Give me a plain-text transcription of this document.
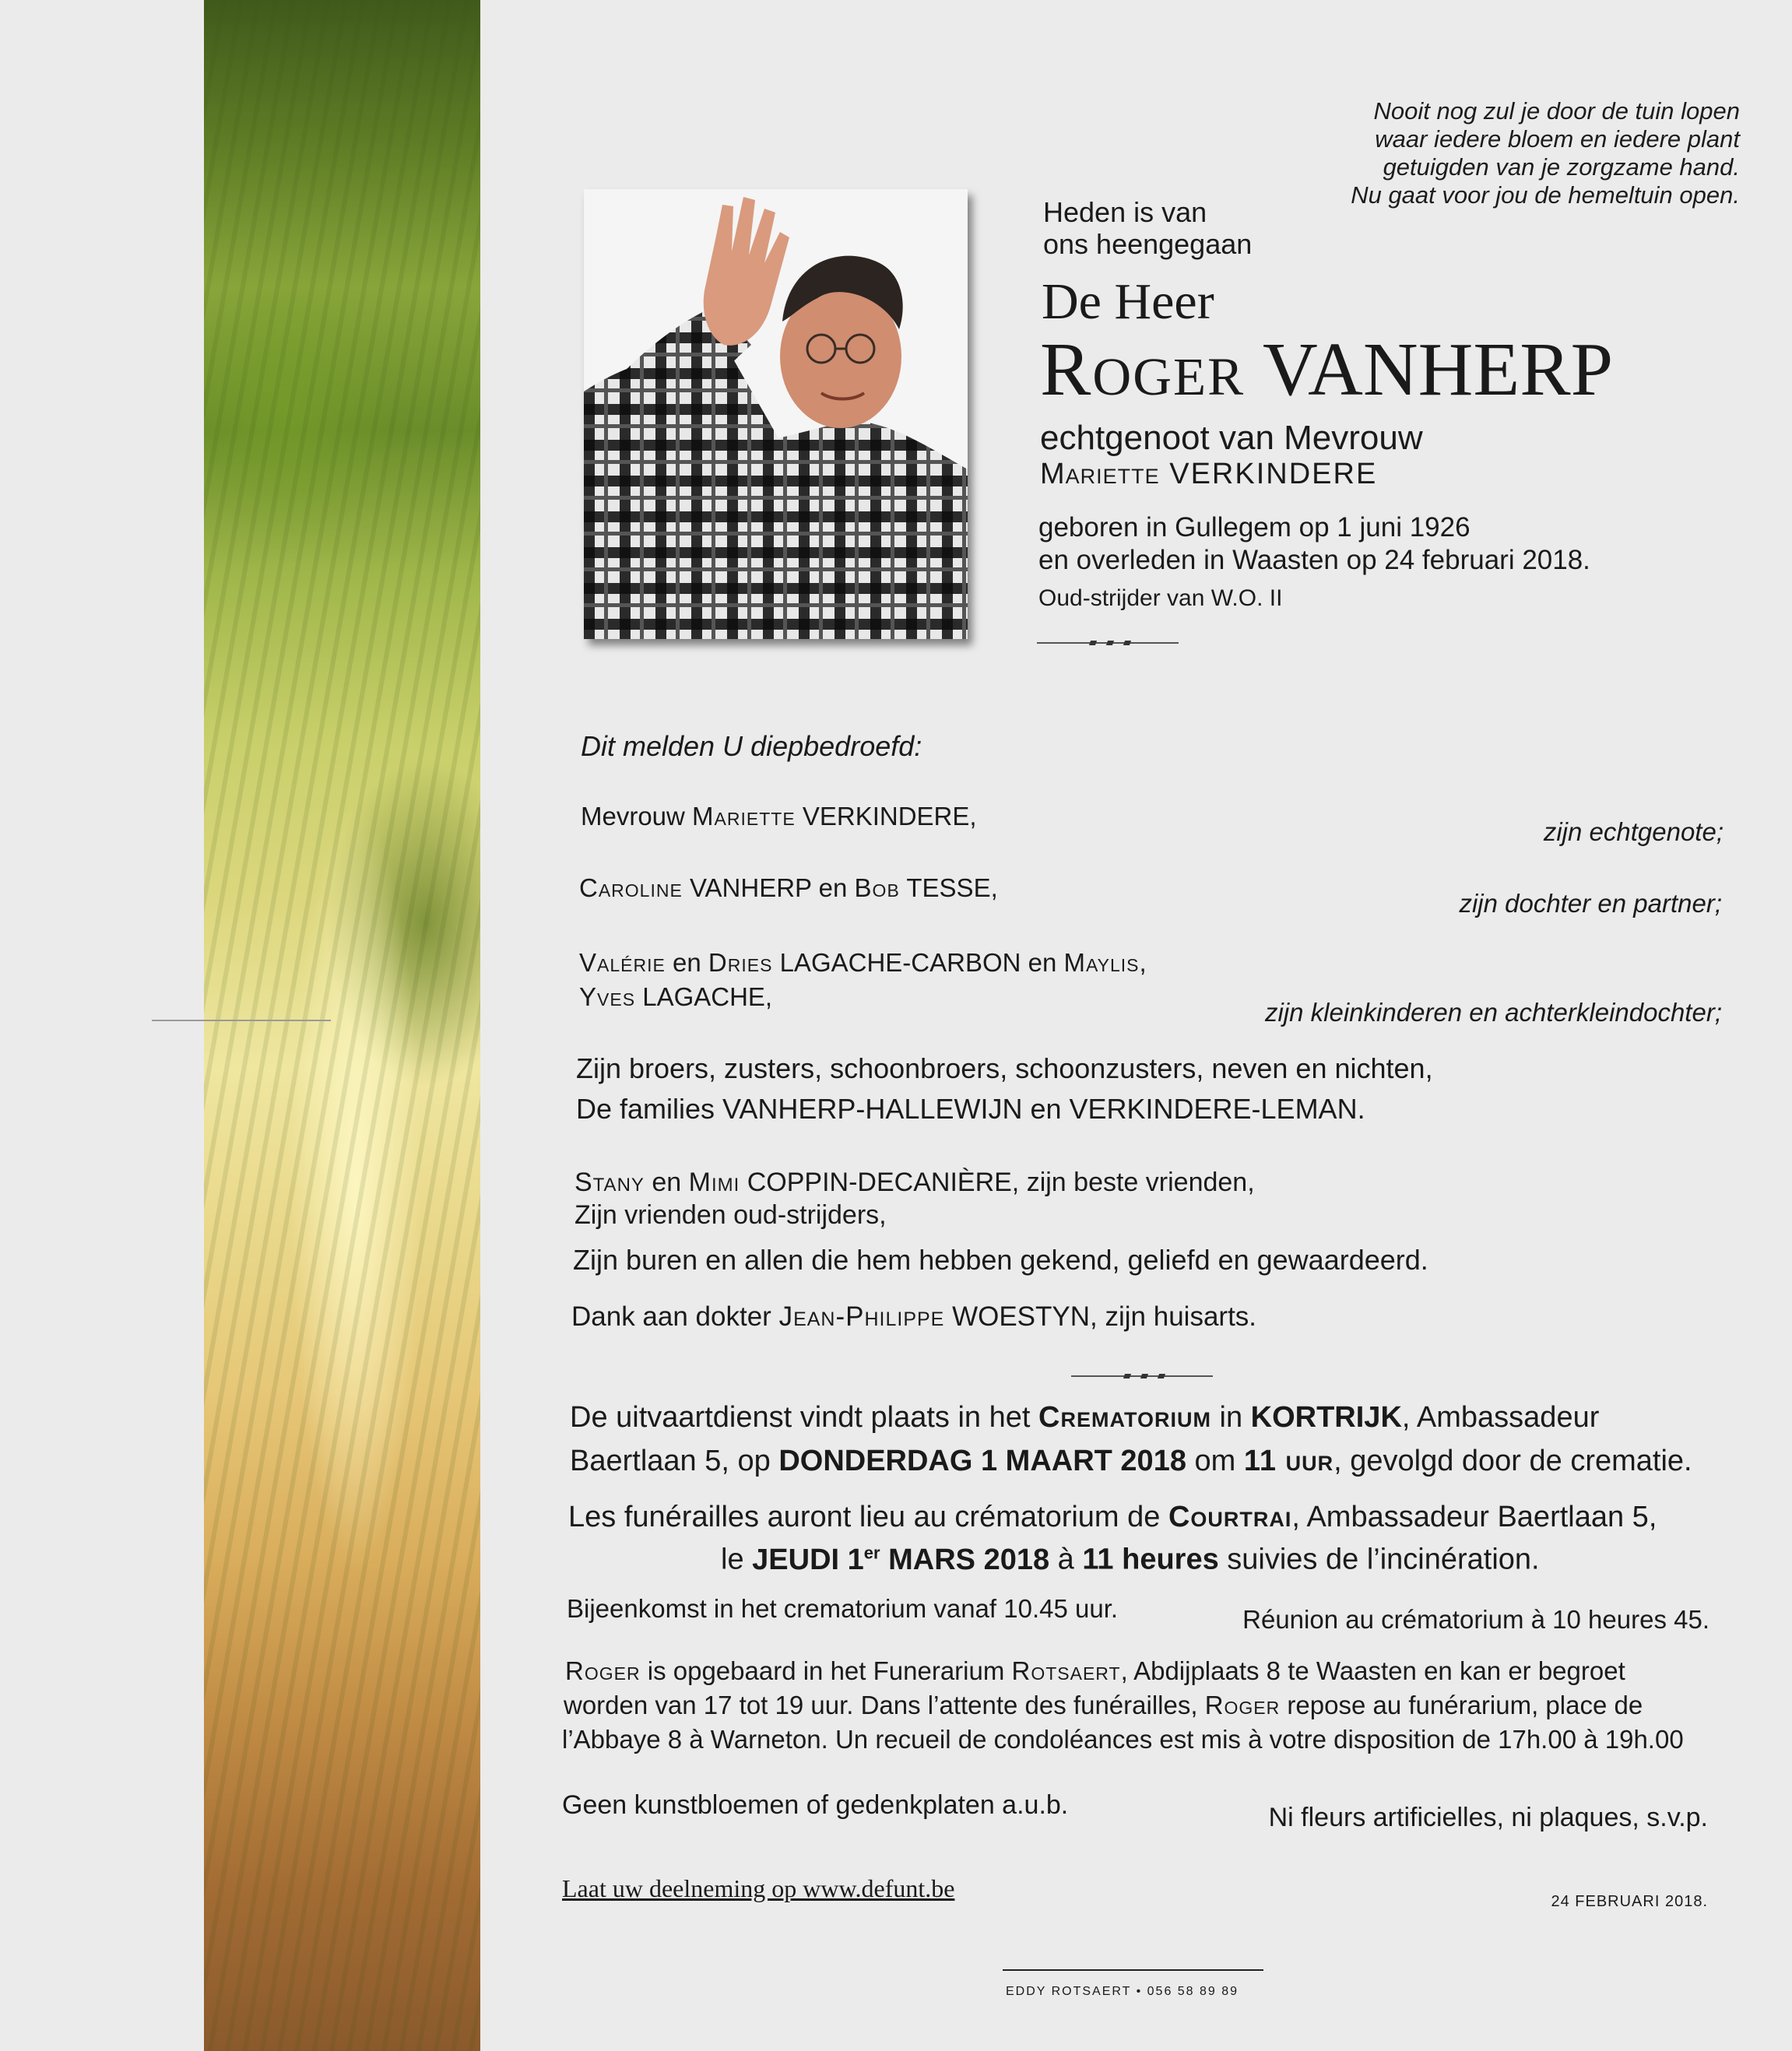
Nooit nog zul je door de tuin lopen
waar iedere bloem en iedere plant
getuigden van je zorgzame hand.
Nu gaat voor jou de hemeltuin open.
Heden is van
ons heengegaan
De Heer
Roger VANHERP
echtgenoot van Mevrouw
Mariette VERKINDERE
geboren in Gullegem op 1 juni 1926
en overleden in Waasten op 24 februari 2018.
Oud-strijder van W.O. II
Dit melden U diepbedroefd:
Mevrouw Mariette VERKINDERE,
zijn echtgenote;
Caroline VANHERP en Bob TESSE,
zijn dochter en partner;
Valérie en Dries LAGACHE-CARBON en Maylis,
Yves LAGACHE,
zijn kleinkinderen en achterkleindochter;
Zijn broers, zusters, schoonbroers, schoonzusters, neven en nichten,
De families VANHERP-HALLEWIJN en VERKINDERE-LEMAN.
Stany en Mimi COPPIN-DECANIÈRE, zijn beste vrienden,
Zijn vrienden oud-strijders,
Zijn buren en allen die hem hebben gekend, geliefd en gewaardeerd.
Dank aan dokter Jean-Philippe WOESTYN, zijn huisarts.
De uitvaartdienst vindt plaats in het Crematorium in KORTRIJK, Ambassadeur
Baertlaan 5, op DONDERDAG 1 MAART 2018 om 11 uur, gevolgd door de crematie.
Les funérailles auront lieu au crématorium de Courtrai, Ambassadeur Baertlaan 5,
le JEUDI 1er MARS 2018 à 11 heures suivies de l’incinération.
Bijeenkomst in het crematorium vanaf 10.45 uur.	Réunion au crématorium à 10 heures 45.
Roger is opgebaard in het Funerarium Rotsaert, Abdijplaats 8 te Waasten en kan er begroet
worden van 17 tot 19 uur. Dans l’attente des funérailles, Roger repose au funérarium, place de
l’Abbaye 8 à Warneton. Un recueil de condoléances est mis à votre disposition de 17h.00 à 19h.00
Geen kunstbloemen of gedenkplaten a.u.b.	Ni fleurs artificielles, ni plaques, s.v.p.
Laat uw deelneming op www.defunt.be	24 FEBRUARI 2018.
EDDY ROTSAERT • 056 58 89 89
